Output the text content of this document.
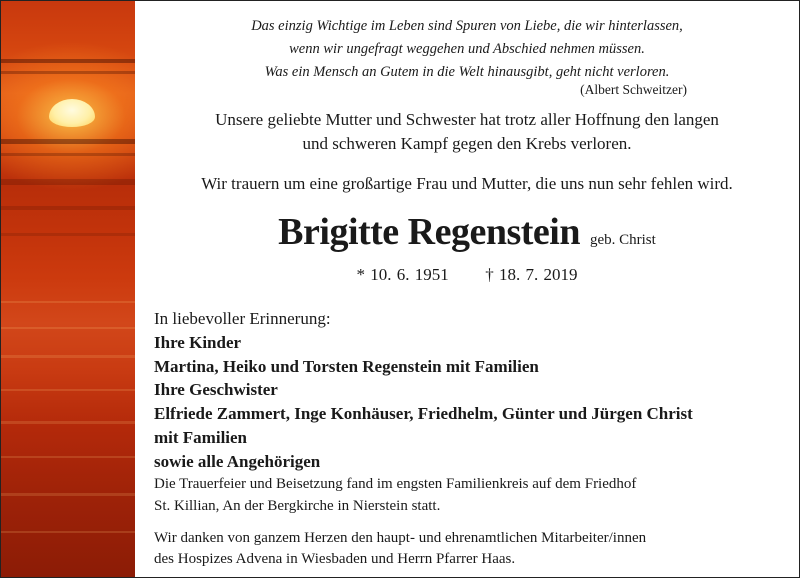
Das einzig Wichtige im Leben sind Spuren von Liebe, die wir hinterlassen,
wenn wir ungefragt weggehen und Abschied nehmen müssen.
Was ein Mensch an Gutem in die Welt hinausgibt, geht nicht verloren.
(Albert Schweitzer)
Unsere geliebte Mutter und Schwester hat trotz aller Hoffnung den langen
und schweren Kampf gegen den Krebs verloren.
Wir trauern um eine großartige Frau und Mutter, die uns nun sehr fehlen wird.
Brigitte Regenstein geb. Christ
* 10. 6. 1951 † 18. 7. 2019
In liebevoller Erinnerung:
Ihre Kinder
Martina, Heiko und Torsten Regenstein mit Familien
Ihre Geschwister
Elfriede Zammert, Inge Konhäuser, Friedhelm, Günter und Jürgen Christ
mit Familien
sowie alle Angehörigen
Die Trauerfeier und Beisetzung fand im engsten Familienkreis auf dem Friedhof
St. Killian, An der Bergkirche in Nierstein statt.
Wir danken von ganzem Herzen den haupt- und ehrenamtlichen Mitarbeiter/innen
des Hospizes Advena in Wiesbaden und Herrn Pfarrer Haas.
